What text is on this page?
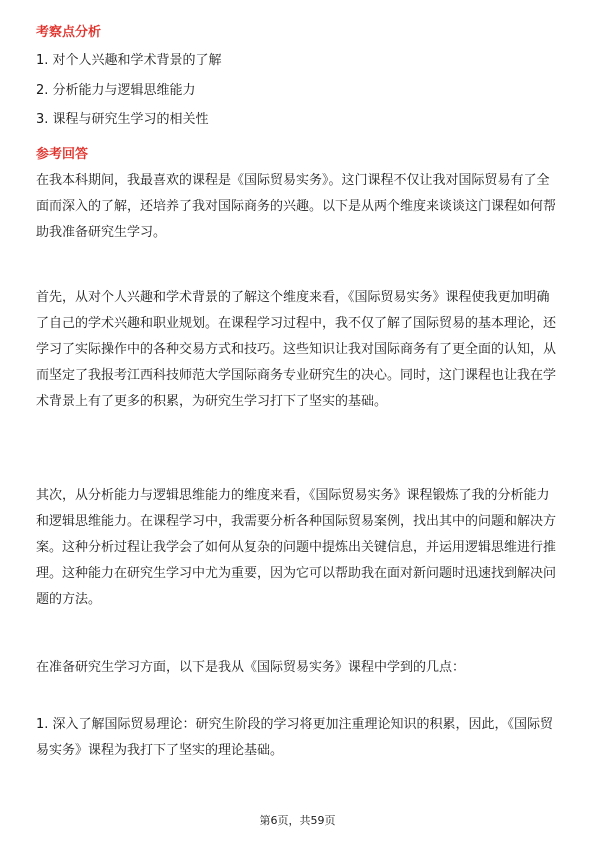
考察点分析
1. 对个人兴趣和学术背景的了解
2. 分析能力与逻辑思维能力
3. 课程与研究生学习的相关性
参考回答

在我本科期间，我最喜欢的课程是《国际贸易实务》。这门课程不仅让我对国际贸易有了全面而深入的了解，还培养了我对国际商务的兴趣。以下是从两个维度来谈谈这门课程如何帮助我准备研究生学习。

首先，从对个人兴趣和学术背景的了解这个维度来看，《国际贸易实务》课程使我更加明确了自己的学术兴趣和职业规划。在课程学习过程中，我不仅了解了国际贸易的基本理论，还学习了实际操作中的各种交易方式和技巧。这些知识让我对国际商务有了更全面的认知，从而坚定了我报考江西科技师范大学国际商务专业研究生的决心。同时，这门课程也让我在学术背景上有了更多的积累，为研究生学习打下了坚实的基础。

其次，从分析能力与逻辑思维能力的维度来看，《国际贸易实务》课程锻炼了我的分析能力和逻辑思维能力。在课程学习中，我需要分析各种国际贸易案例，找出其中的问题和解决方案。这种分析过程让我学会了如何从复杂的问题中提炼出关键信息，并运用逻辑思维进行推理。这种能力在研究生学习中尤为重要，因为它可以帮助我在面对新问题时迅速找到解决问题的方法。

在准备研究生学习方面，以下是我从《国际贸易实务》课程中学到的几点：

1. 深入了解国际贸易理论：研究生阶段的学习将更加注重理论知识的积累，因此，《国际贸易实务》课程为我打下了坚实的理论基础。

第6页，共59页
